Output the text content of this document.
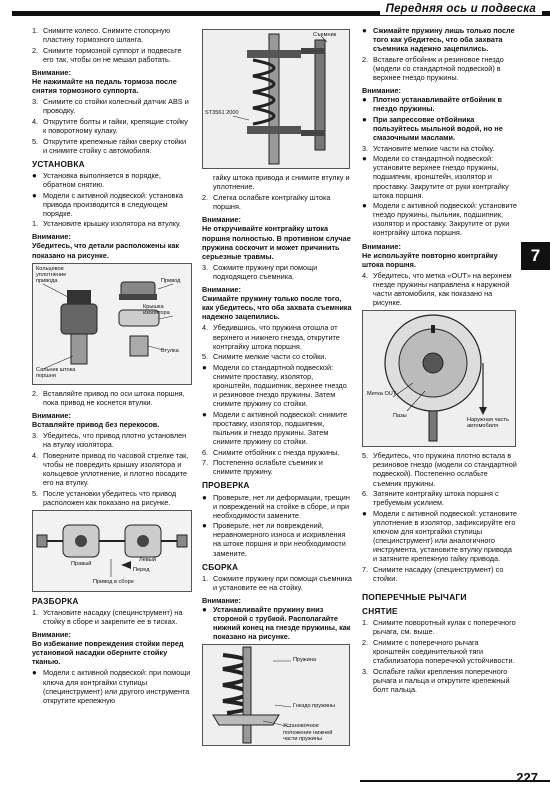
Передняя ось и подвеска
1. Снимите колесо. Снимите стопорную пластину тормозного шланга.
2. Снимите тормозной суппорт и подвесьте его так, чтобы он не мешал работать.
Внимание:

Не нажимайте на педаль тормоза после снятия тормозного суппорта.

3. Снимите со стойки колесный датчик ABS и проводку.
4. Открутите болты и гайки, крепящие стойку к поворотному кулаку.
5. Открутите крепежные гайки сверху стойки и снимите стойку с автомобиля.
УСТАНОВКА
● Установка выполняется в порядке, обратном снятию.
● Модели с активной подвеской: установка привода производится в следующем порядке.
1. Установите крышку изолятора на втулку.
Внимание:

Убедитесь, что детали расположены как показано на рисунке.

Кольцевое уплотнение привода	Привод
Крышка изолятора
Втулка
Сальник штока поршня
2. Вставляйте привод по оси штока поршня, пока привод не коснется втулки.
Внимание:

Вставляйте привод без перекосов.

3. Убедитесь, что привод плотно установлен на втулку изолятора.
4. Поверните привод по часовой стрелке так, чтобы не повредить крышку изолятора и кольцевое уплотнение, и плотно посадите его на втулку.
5. После установки убедитесь что привод расположен как показано на рисунке.
Правый
Левый
Перед
Привод в сборе
РАЗБОРКА
1. Установите насадку (специнструмент) на стойку в сборе и закрепите ее в тисках.
Внимание:

Во избежание повреждения стойки перед установкой насадки оберните стойку тканью.

● Модели с активной подвеской: при помощи ключа для контргайки ступицы (специнструмент) или другого инструмента открутите крепежную
Съемник
ST3561 2000

гайку штока привода и снимите втулку и уплотнение.

2. Слегка ослабьте контргайку штока поршня.
Внимание:

Не откручивайте контргайку штока поршня полностью. В противном случае пружина соскочит и может причинить серьезные травмы.

3. Сожмите пружину при помощи подходящего съемника.
Внимание:

Сжимайте пружину только после того, как убедитесь, что оба захвата съемника надежно зацепились.

4. Убедившись, что пружина отошла от верхнего и нижнего гнезда, открутите контргайку штока поршня.
5. Снимите мелкие части со стойки.
● Модели со стандартной подвеской: снимите проставку, изолятор, кронштейн, подшипник, верхнее гнездо и резиновое гнездо пружины. Затем снимите пружину со стойки.
● Модели с активной подвеской: снимите проставку, изолятор, подшипник, пыльник и гнездо пружины. Затем снимите пружину со стойки.
6. Снимите отбойник с гнезда пружины.
7. Постепенно ослабьте съемник и снимите пружину.
ПРОВЕРКА
● Проверьте, нет ли деформации, трещин и повреждений на стойке в сборе, и при необходимости замените.
● Проверьте, нет ли повреждений, неравномерного износа и искривления на штоке поршня и при необходимости замените.
СБОРКА
1. Сожмите пружину при помощи съемника и установите ее на стойку.
Внимание:
● Устанавливайте пружину вниз стороной с трубкой. Располагайте нижний конец на гнезде пружины, как показано на рисунке.
Пружина
Гнездо пружины
Установочное положение нижней части пружины
● Сжимайте пружину лишь только после того как убедитесь, что оба захвата съемника надежно зацепились.
2. Вставьте отбойник и резиновое гнездо (модели со стандартной подвеской) в верхнее гнездо пружины.
Внимание:
● Плотно устанавливайте отбойник в гнездо пружины.
● При запрессовке отбойника пользуйтесь мыльной водой, но не смазочными маслами.
3. Установите мелкие части на стойку.
● Модели со стандартной подвеской: установите верхнее гнездо пружины, подшипник, кронштейн, изолятор и проставку. Закрутите от руки контргайку штока поршня.
● Модели с активной подвеской: установите гнездо пружины, пыльник, подшипник, изолятор и проставку. Закрутите от руки контргайку штока поршня.
Внимание:

Не используйте повторно контргайку штока поршня.

4. Убедитесь, что метка «OUT» на верхнем гнезде пружины направлена к наружной части автомобиля, как показано на рисунке.
Метка OUT
Пазы
Наружная часть автомобиля
5. Убедитесь, что пружина плотно встала в резиновое гнездо (модели со стандартной подвеской). Постепенно ослабьте съемник пружины.
6. Затяните контргайку штока поршня с требуемым усилием.
● Модели с активной подвеской: установите уплотнение в изолятор, зафиксируйте его ключом для контргайки ступицы (специнструмент) или аналогичного инструмента, установите втулку привода и затяните крепежную гайку привода.
7. Снимите насадку (специнструмент) со стойки.
ПОПЕРЕЧНЫЕ РЫЧАГИ
СНЯТИЕ
1. Снимите поворотный кулак с поперечного рычага, см. выше.
2. Снимите с поперечного рычага кронштейн соединительной тяги стабилизатора поперечной устойчивости.
3. Ослабьте гайки крепления поперечного рычага и пальца и открутите крепежный болт пальца.
7
227
